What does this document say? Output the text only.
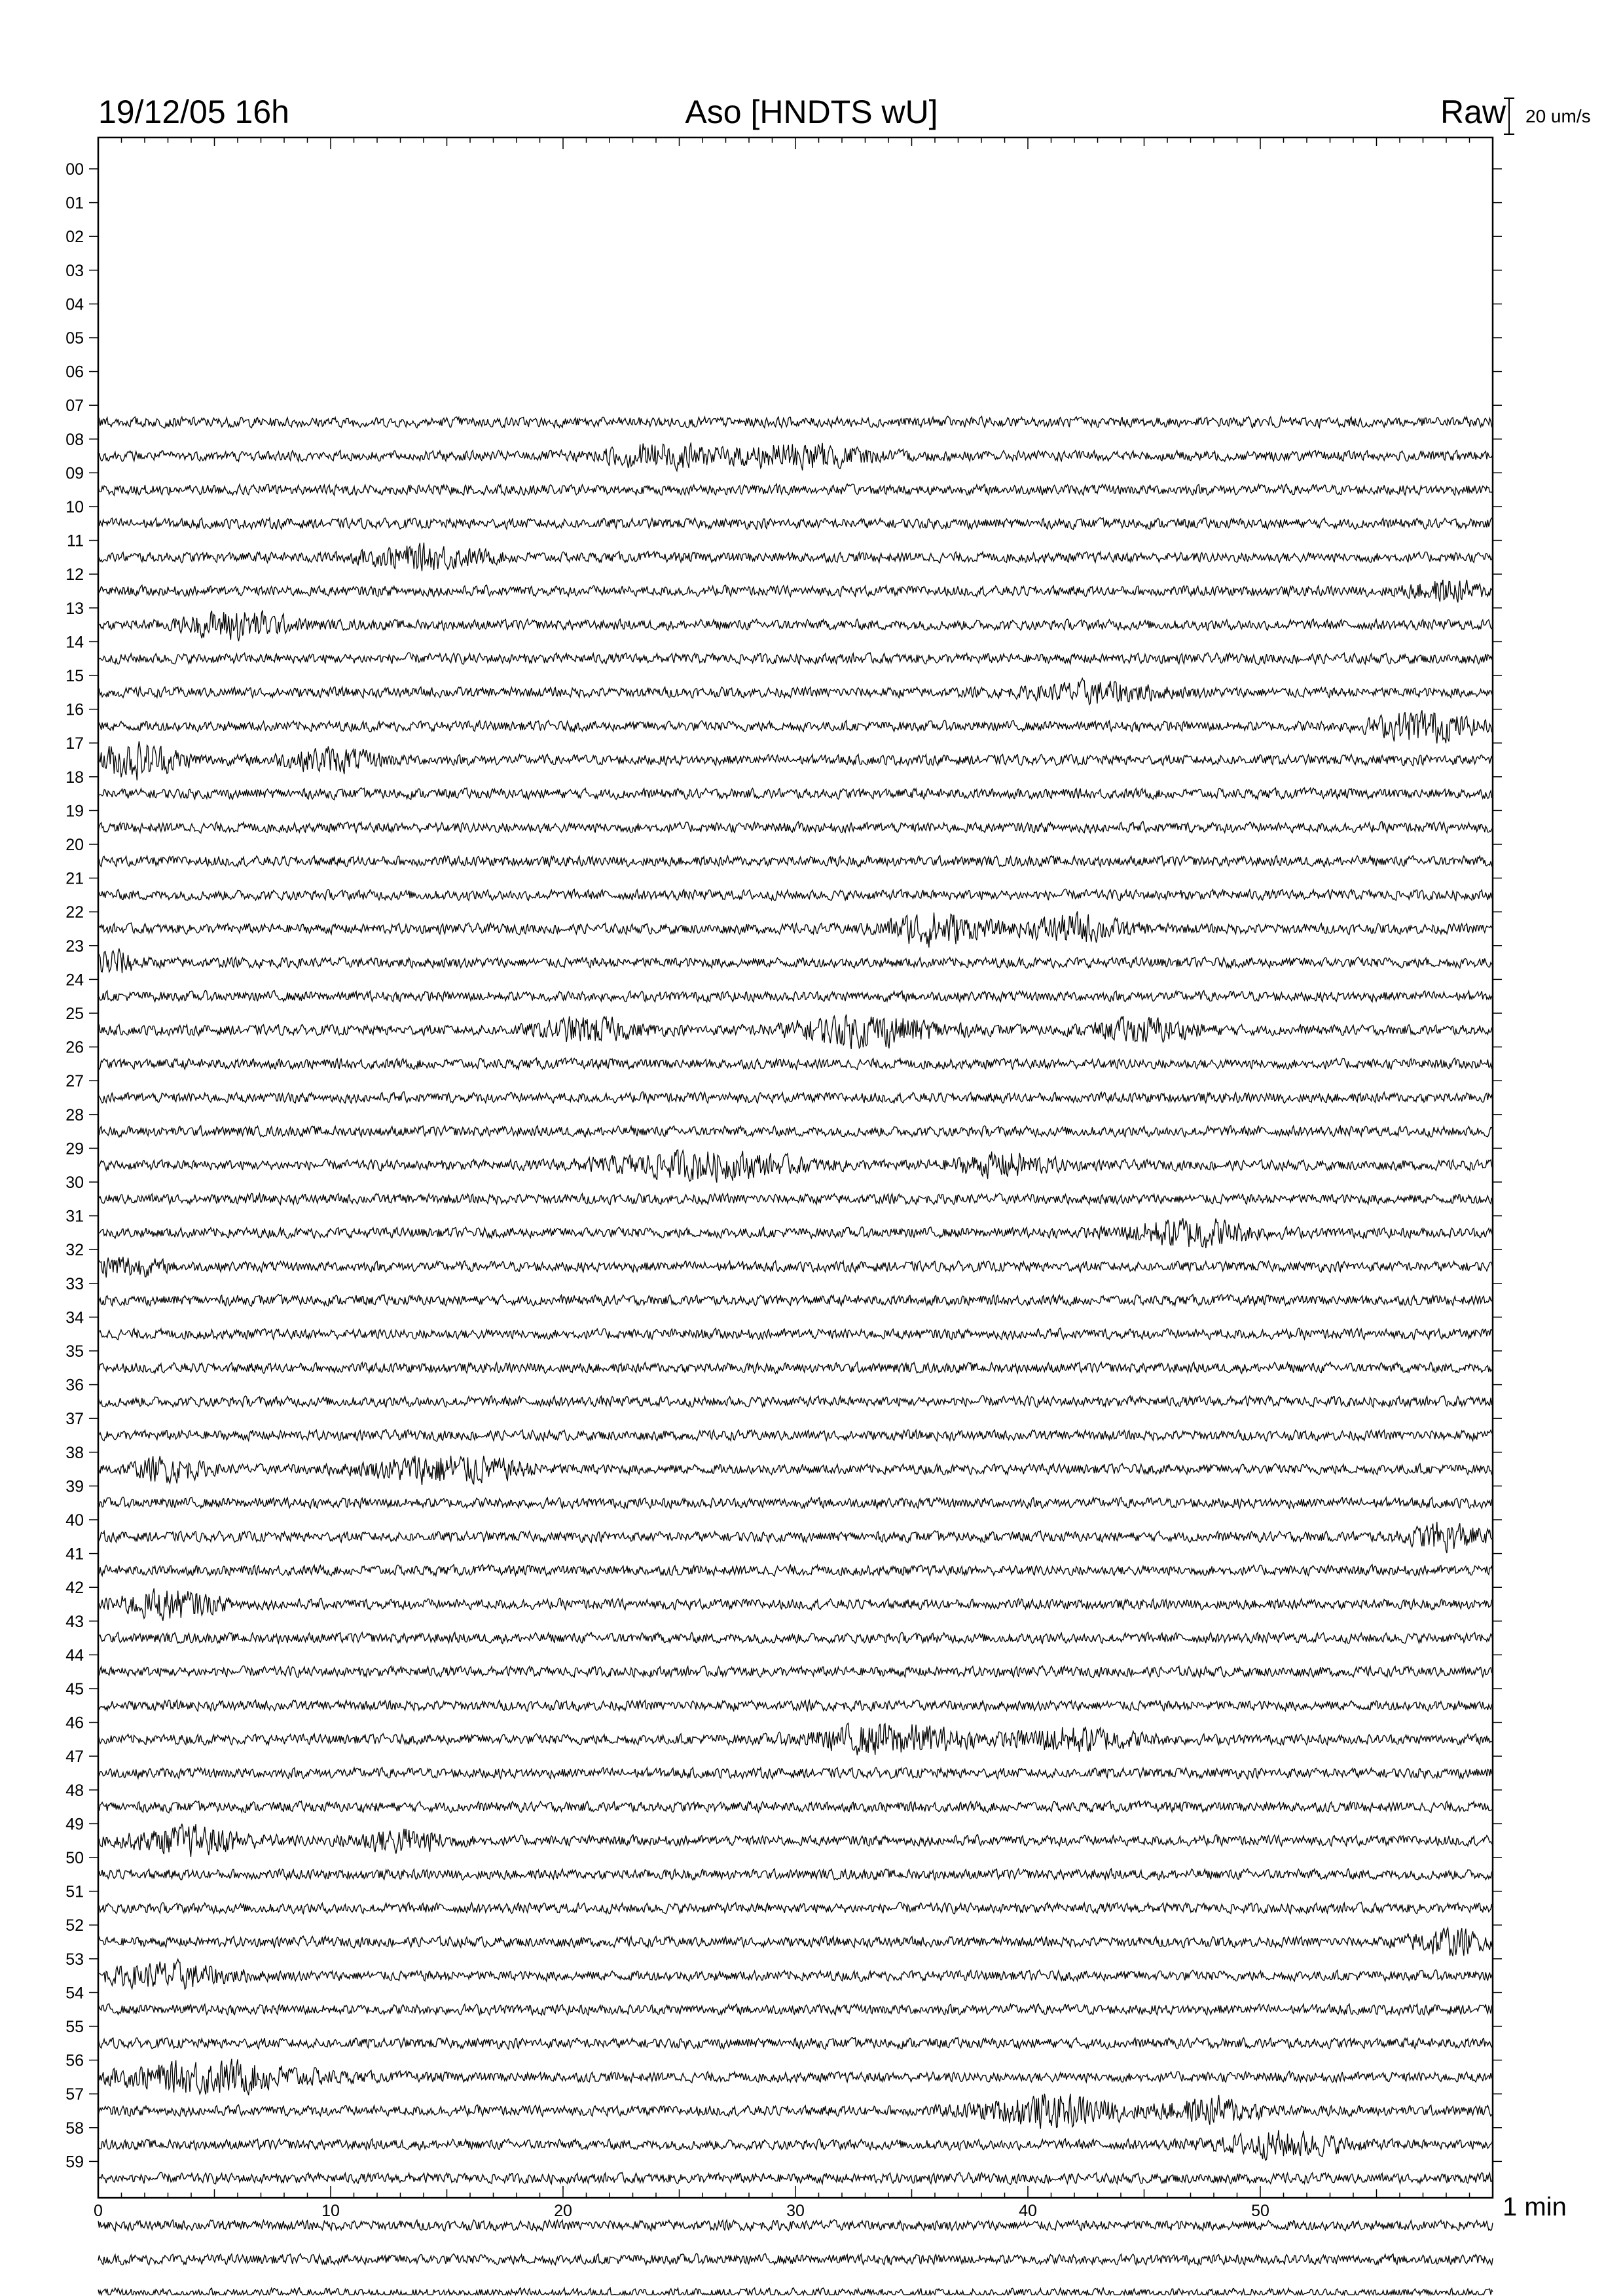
19/12/05 16h	Aso [HNDTS wU]	Raw 20 um/s
1 min
00
01
02
03
04
05
06
07
08
09
10
11
12
13
14
15
16
17
18
19
20
21
22
23
24
25
26
27
28
29
30
31
32
33
34
35
36
37
38
39
40
41
42
43
44
45
46
47
48
49
50
51
52
53
54
55
56
57
58
59
0	10	20	30	40	50
